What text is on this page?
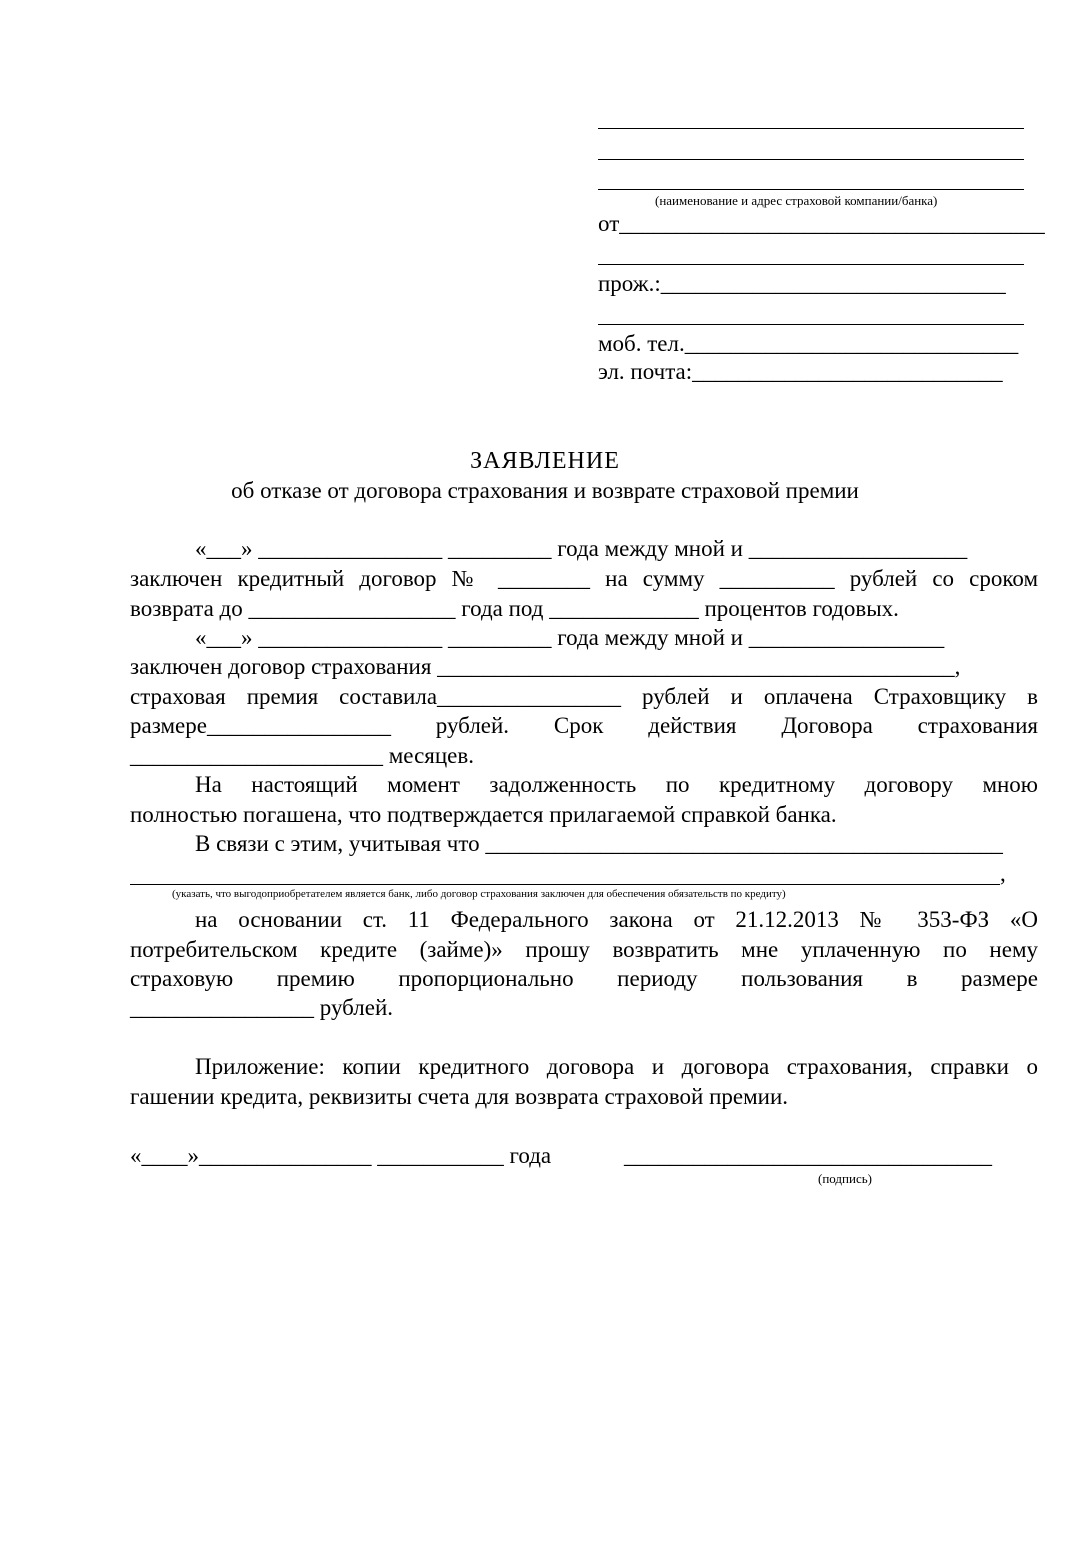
(наименование и адрес страховой компании/банка)
от_____________________________________
прож.:______________________________
моб. тел._____________________________
эл. почта:___________________________
ЗАЯВЛЕНИЕ
об отказе от договора страхования и возврате страховой премии
«___» ________________ _________ года между мной и ___________________
заключен кредитный договор № ________ на сумму __________ рублей со сроком
возврата до __________________ года под _____________ процентов годовых.
«___» ________________ _________ года между мной и _________________
заключен договор страхования _____________________________________________,
страховая премия составила________________ рублей и оплачена Страховщику в
размере________________ рублей. Срок действия Договора страхования
______________________ месяцев.
На настоящий момент задолженность по кредитному договору мною
полностью погашена, что подтверждается прилагаемой справкой банка.
В связи с этим, учитывая что _____________________________________________
,
(указать, что выгодоприобретателем является банк, либо договор страхования заключен для обеспечения обязательств по кредиту)
на основании ст. 11 Федерального закона от 21.12.2013 № 353-ФЗ «О
потребительском кредите (займе)» прошу возвратить мне уплаченную по нему
страховую премию пропорционально периоду пользования в размере
________________ рублей.
Приложение: копии кредитного договора и договора страхования, справки о
гашении кредита, реквизиты счета для возврата страховой премии.
«____»_______________ ___________ года	________________________________
(подпись)
